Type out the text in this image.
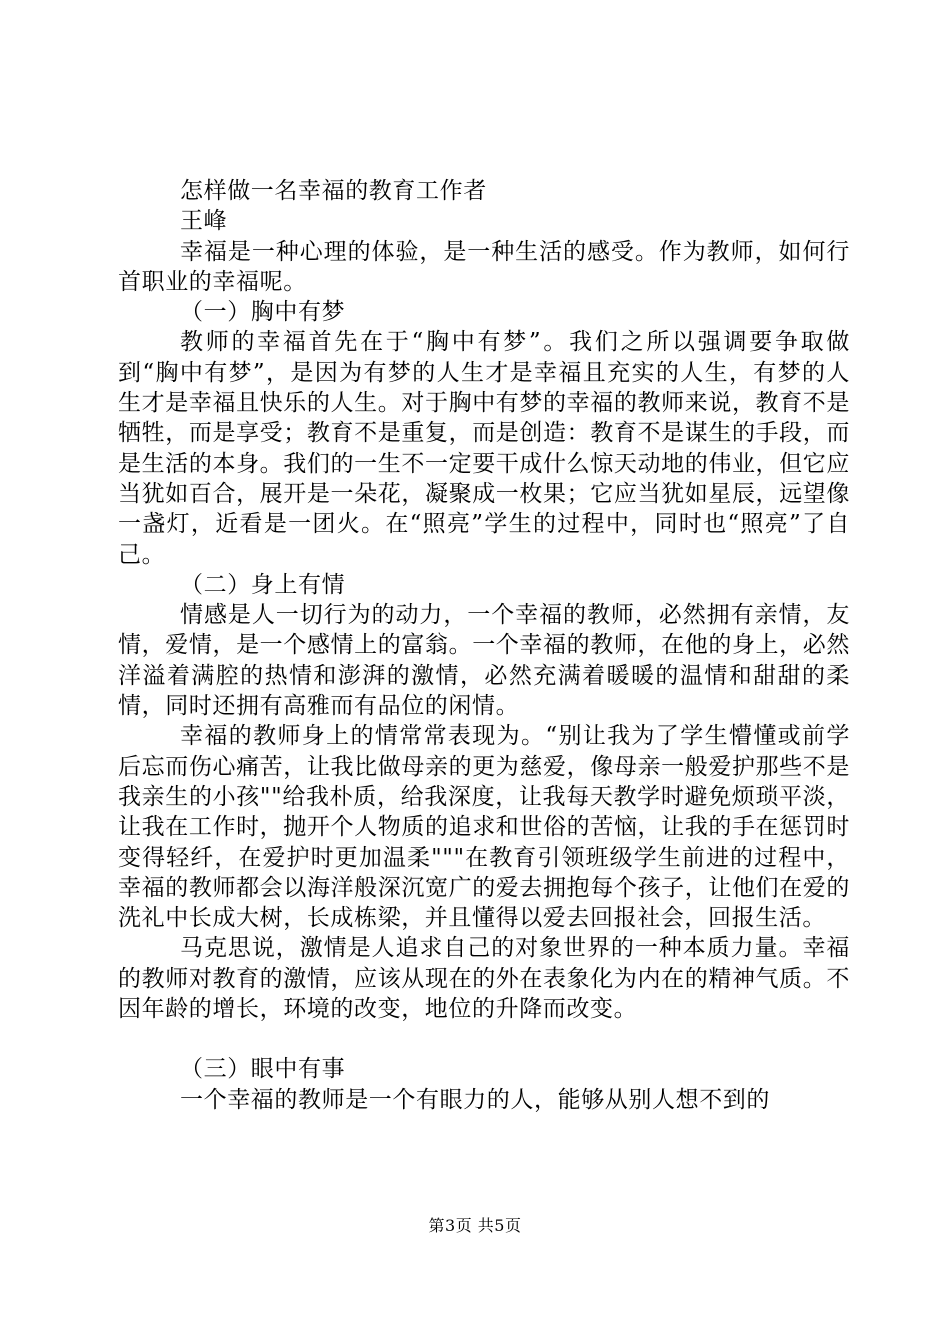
怎样做一名幸福的教育工作者

王峰

幸福是一种心理的体验，是一种生活的感受。作为教师，如何行首职业的幸福呢。

（一）胸中有梦

教师的幸福首先在于“胸中有梦”。我们之所以强调要争取做到“胸中有梦”，是因为有梦的人生才是幸福且充实的人生，有梦的人生才是幸福且快乐的人生。对于胸中有梦的幸福的教师来说，教育不是牺牲，而是享受；教育不是重复，而是创造：教育不是谋生的手段，而是生活的本身。我们的一生不一定要干成什么惊天动地的伟业，但它应当犹如百合，展开是一朵花，凝聚成一枚果；它应当犹如星辰，远望像一盏灯，近看是一团火。在“照亮”学生的过程中，同时也“照亮”了自己。

（二）身上有情

情感是人一切行为的动力，一个幸福的教师，必然拥有亲情，友情，爱情，是一个感情上的富翁。一个幸福的教师，在他的身上，必然洋溢着满腔的热情和澎湃的激情，必然充满着暖暖的温情和甜甜的柔情，同时还拥有高雅而有品位的闲情。

幸福的教师身上的情常常表现为。“别让我为了学生懵懂或前学后忘而伤心痛苦，让我比做母亲的更为慈爱，像母亲一般爱护那些不是我亲生的小孩""给我朴质，给我深度，让我每天教学时避免烦琐平淡，让我在工作时，抛开个人物质的追求和世俗的苦恼，让我的手在惩罚时变得轻纤，在爱护时更加温柔"""在教育引领班级学生前进的过程中，幸福的教师都会以海洋般深沉宽广的爱去拥抱每个孩子，让他们在爱的洗礼中长成大树，长成栋梁，并且懂得以爱去回报社会，回报生活。

马克思说，激情是人追求自己的对象世界的一种本质力量。幸福的教师对教育的激情，应该从现在的外在表象化为内在的精神气质。不因年龄的增长，环境的改变，地位的升降而改变。

（三）眼中有事

一个幸福的教师是一个有眼力的人，能够从别人想不到的

第3页 共5页
